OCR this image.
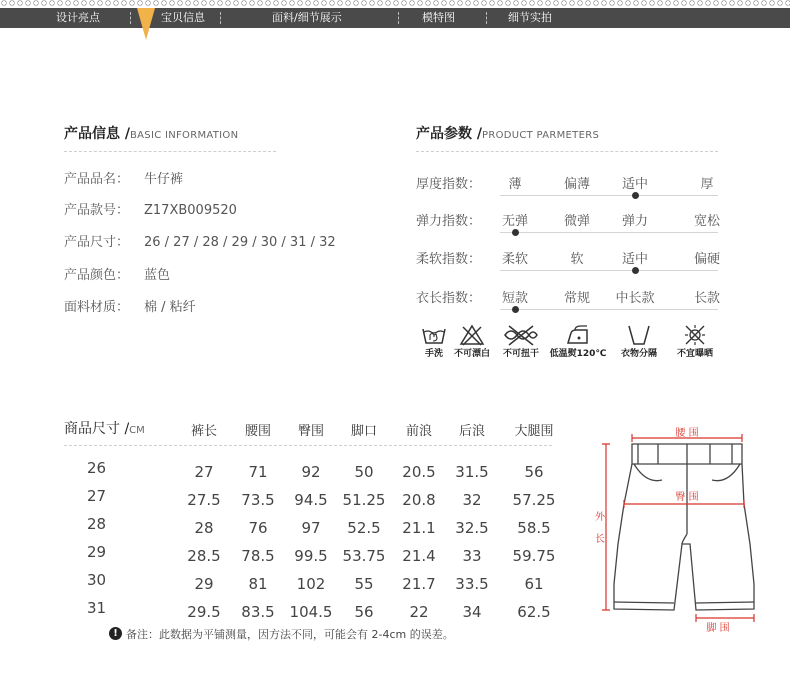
设计亮点	宝贝信息	面料/细节展示	模特图	细节实拍
产品信息 /BASIC INFORMATION
产品品名： 牛仔裤
产品款号： Z17XB009520
产品尺寸： 26 / 27 / 28 / 29 / 30 / 31 / 32
产品颜色： 蓝色
面料材质： 棉 / 粘纤
产品参数 /PRODUCT PARMETERS
厚度指数： 薄	偏薄 适中	厚
弹力指数： 无弹	微弹 弹力	宽松
柔软指数： 柔软	软	适中	偏硬
衣长指数： 短款	常规 中长款	长款
手洗	不可漂白	不可扭干	低温熨120℃	衣物分隔	不宜曝晒
商品尺寸 /CM	裤长 腰围 臀围 脚口 前浪 后浪 大腿围
26	27 71 92 50 20.5 31.5 56
27	27.5 73.5 94.5 51.25 20.8 32 57.25
28	28 76 97 52.5 21.1 32.5 58.5
29	28.5 78.5 99.5 53.75 21.4 33 59.75
30	29 81 102 55 21.7 33.5 61
31	29.5 83.5 104.5 56 22 34 62.5
! 备注：此数据为平铺测量，因方法不同，可能会有 2-4cm 的误差。
腰 围
臀 围
外
长
脚 围
